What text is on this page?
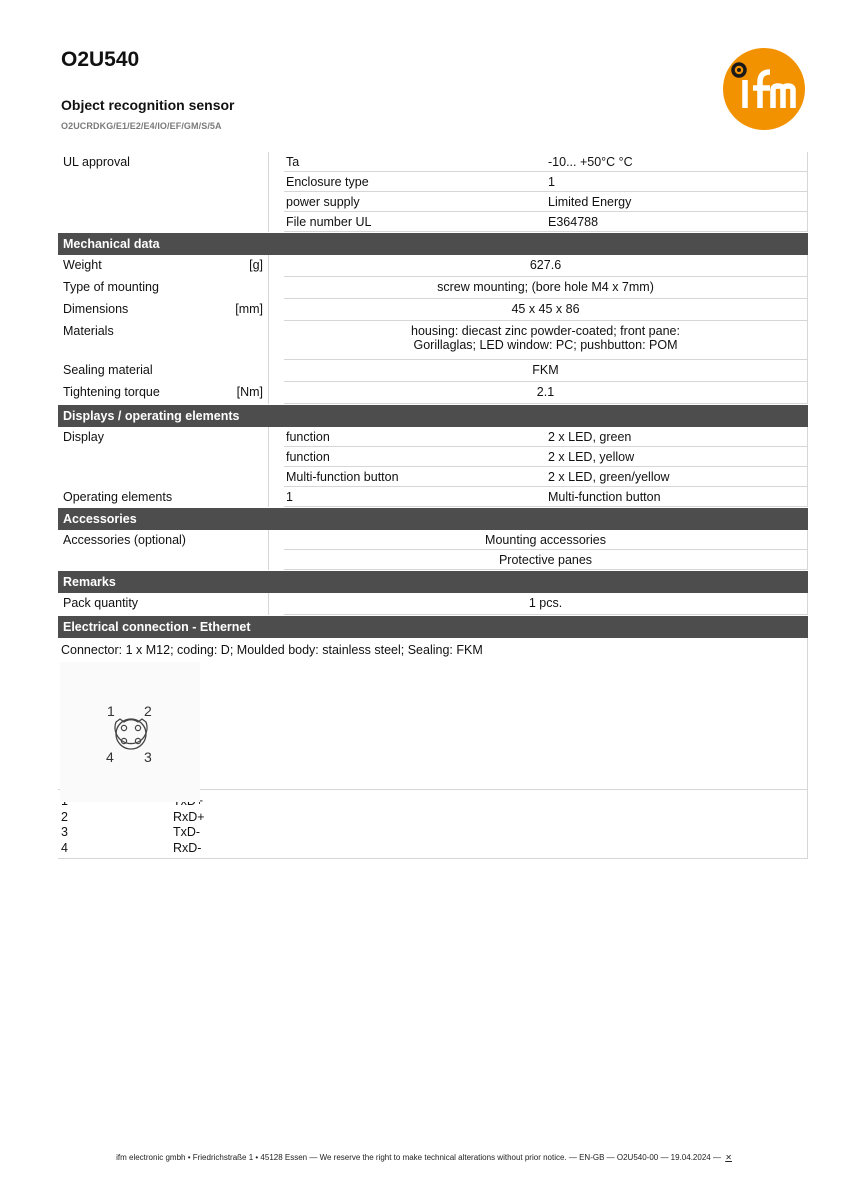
O2U540
Object recognition sensor
O2UCRDKG/E1/E2/E4/IO/EF/GM/S/5A
UL approval	Ta	-10... +50°C °C
Enclosure type	1
power supply	Limited Energy
File number UL	E364788
Mechanical data
Weight	[g]	627.6
Type of mounting	screw mounting; (bore hole M4 x 7mm)
Dimensions	[mm]	45 x 45 x 86
Materials	housing: diecast zinc powder-coated; front pane:
Gorillaglas; LED window: PC; pushbutton: POM
Sealing material	FKM
Tightening torque	[Nm]	2.1
Displays / operating elements
Display	function	2 x LED, green
function	2 x LED, yellow
Multi-function button	2 x LED, green/yellow
Operating elements	1	Multi-function button
Accessories
Accessories (optional)	Mounting accessories
Protective panes
Remarks
Pack quantity	1 pcs.
Electrical connection - Ethernet
Connector: 1 x M12; coding: D; Moulded body: stainless steel; Sealing: FKM
1 2
4 3
1	TxD+
2	RxD+
3	TxD-
4	RxD-
ifm electronic gmbh • Friedrichstraße 1 • 45128 Essen — We reserve the right to make technical alterations without prior notice. — EN-GB — O2U540-00 — 19.04.2024 — ✕
